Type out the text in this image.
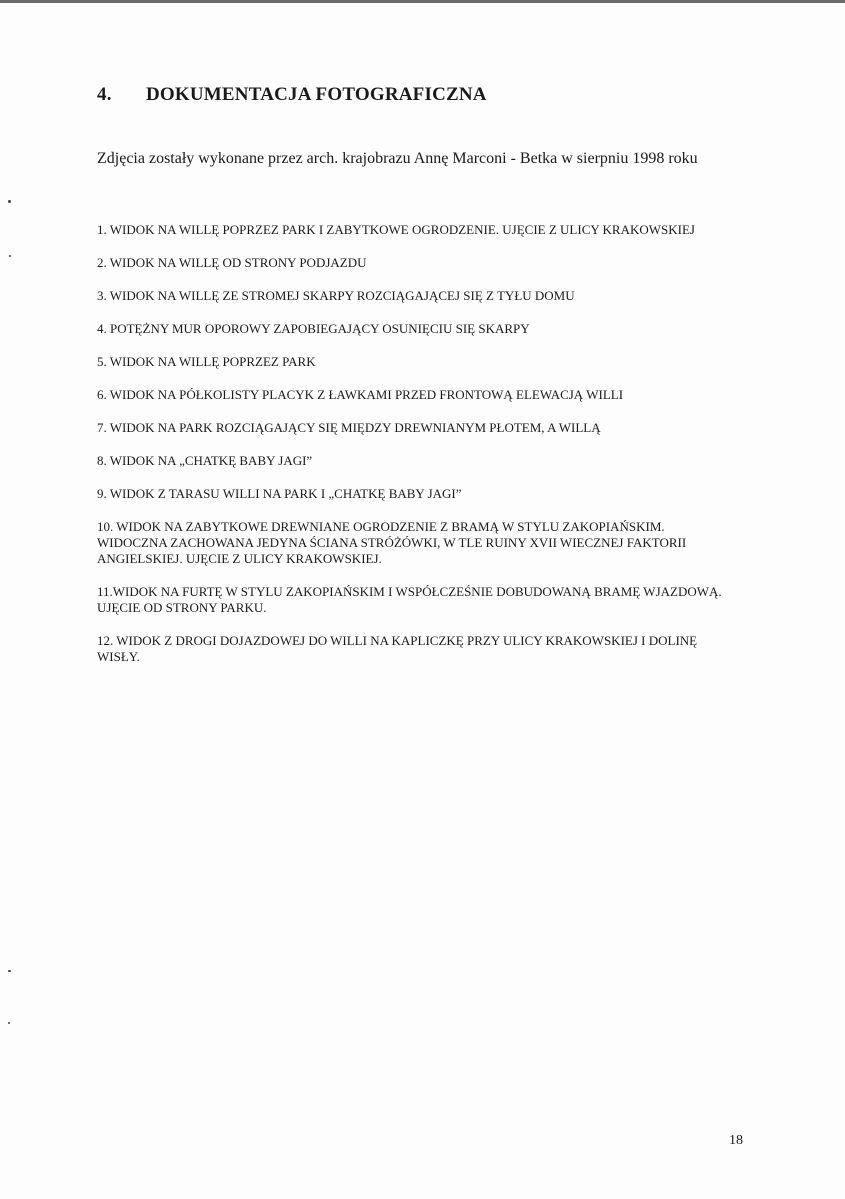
4. DOKUMENTACJA FOTOGRAFICZNA
Zdjęcia zostały wykonane przez arch. krajobrazu Annę Marconi - Betka w sierpniu 1998 roku
1. WIDOK NA WILLĘ POPRZEZ PARK I ZABYTKOWE OGRODZENIE. UJĘCIE Z ULICY KRAKOWSKIEJ
2. WIDOK NA WILLĘ OD STRONY PODJAZDU
3. WIDOK NA WILLĘ ZE STROMEJ SKARPY ROZCIĄGAJĄCEJ SIĘ Z TYŁU DOMU
4. POTĘŻNY MUR OPOROWY ZAPOBIEGAJĄCY OSUNIĘCIU SIĘ SKARPY
5. WIDOK NA WILLĘ POPRZEZ PARK
6. WIDOK NA PÓŁKOLISTY PLACYK Z ŁAWKAMI PRZED FRONTOWĄ ELEWACJĄ WILLI
7. WIDOK NA PARK ROZCIĄGAJĄCY SIĘ MIĘDZY DREWNIANYM PŁOTEM, A WILLĄ
8. WIDOK NA „CHATKĘ BABY JAGI”
9. WIDOK Z TARASU WILLI NA PARK I „CHATKĘ BABY JAGI”
10. WIDOK NA ZABYTKOWE DREWNIANE OGRODZENIE Z BRAMĄ W STYLU ZAKOPIAŃSKIM. WIDOCZNA ZACHOWANA JEDYNA ŚCIANA STRÓŻÓWKI, W TLE RUINY XVII WIECZNEJ FAKTORII ANGIELSKIEJ. UJĘCIE Z ULICY KRAKOWSKIEJ.
11.WIDOK NA FURTĘ W STYLU ZAKOPIAŃSKIM I WSPÓŁCZEŚNIE DOBUDOWANĄ BRAMĘ WJAZDOWĄ. UJĘCIE OD STRONY PARKU.
12. WIDOK Z DROGI DOJAZDOWEJ DO WILLI NA KAPLICZKĘ PRZY ULICY KRAKOWSKIEJ I DOLINĘ WISŁY.
18
